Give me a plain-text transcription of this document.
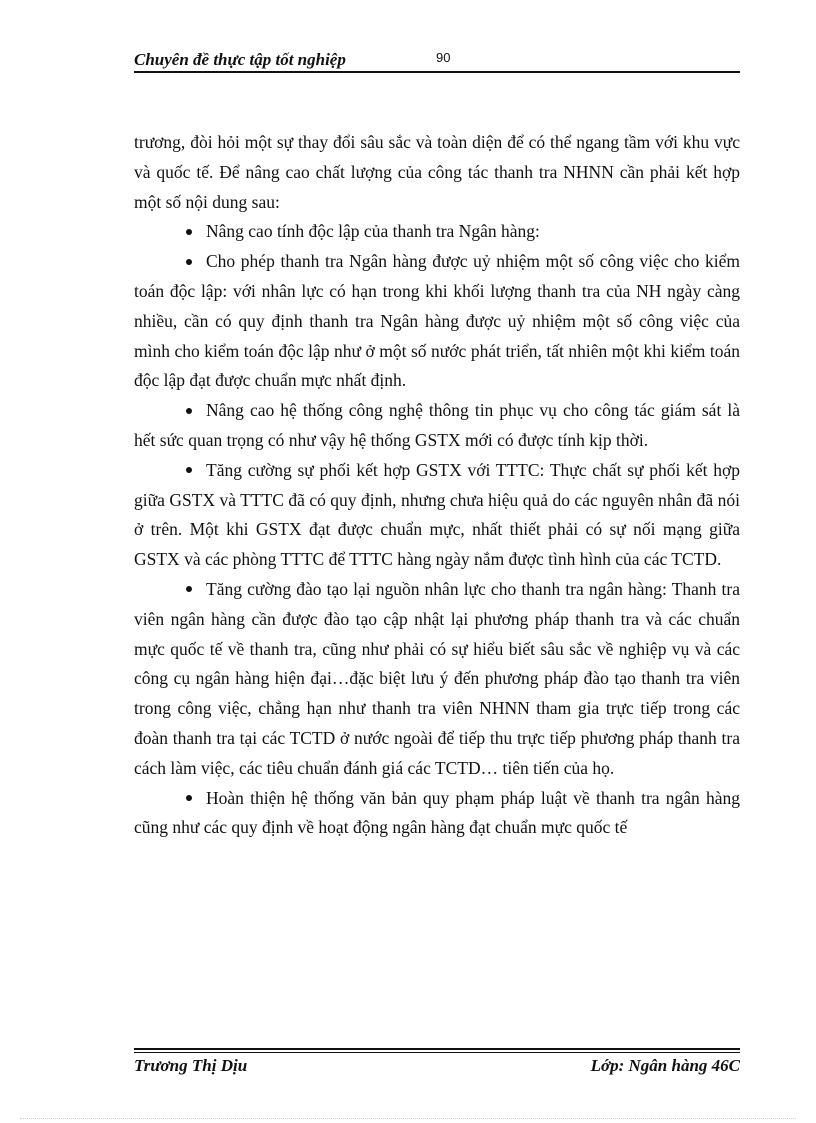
Chuyên đề thực tập tốt nghiệp	90

trương, đòi hỏi một sự thay đổi sâu sắc và toàn diện để có thể ngang tầm với khu vực và quốc tế. Để nâng cao chất lượng của công tác thanh tra NHNN cần phải kết hợp một số nội dung sau:

Nâng cao tính độc lập của thanh tra Ngân hàng:

Cho phép thanh tra Ngân hàng được uỷ nhiệm một số công việc cho kiểm toán độc lập: với nhân lực có hạn trong khi khối lượng thanh tra của NH ngày càng nhiều, cần có quy định thanh tra Ngân hàng được uỷ nhiệm một số công việc của mình cho kiểm toán độc lập như ở một số nước phát triển, tất nhiên một khi kiểm toán độc lập đạt được chuẩn mực nhất định.

Nâng cao hệ thống công nghệ thông tin phục vụ cho công tác giám sát là hết sức quan trọng có như vậy hệ thống GSTX mới có được tính kịp thời.

Tăng cường sự phối kết hợp GSTX với TTTC: Thực chất sự phối kết hợp giữa GSTX và TTTC đã có quy định, nhưng chưa hiệu quả do các nguyên nhân đã nói ở trên. Một khi GSTX đạt được chuẩn mực, nhất thiết phải có sự nối mạng giữa GSTX và các phòng TTTC để TTTC hàng ngày nắm được tình hình của các TCTD.

Tăng cường đào tạo lại nguồn nhân lực cho thanh tra ngân hàng: Thanh tra viên ngân hàng cần được đào tạo cập nhật lại phương pháp thanh tra và các chuẩn mực quốc tế về thanh tra, cũng như phải có sự hiểu biết sâu sắc về nghiệp vụ và các công cụ ngân hàng hiện đại…đặc biệt lưu ý đến phương pháp đào tạo thanh tra viên trong công việc, chẳng hạn như thanh tra viên NHNN tham gia trực tiếp trong các đoàn thanh tra tại các TCTD ở nước ngoài để tiếp thu trực tiếp phương pháp thanh tra cách làm việc, các tiêu chuẩn đánh giá các TCTD… tiên tiến của họ.

Hoàn thiện hệ thống văn bản quy phạm pháp luật về thanh tra ngân hàng cũng như các quy định về hoạt động ngân hàng đạt chuẩn mực quốc tế

Trương Thị Dịu	Lớp: Ngân hàng 46C
